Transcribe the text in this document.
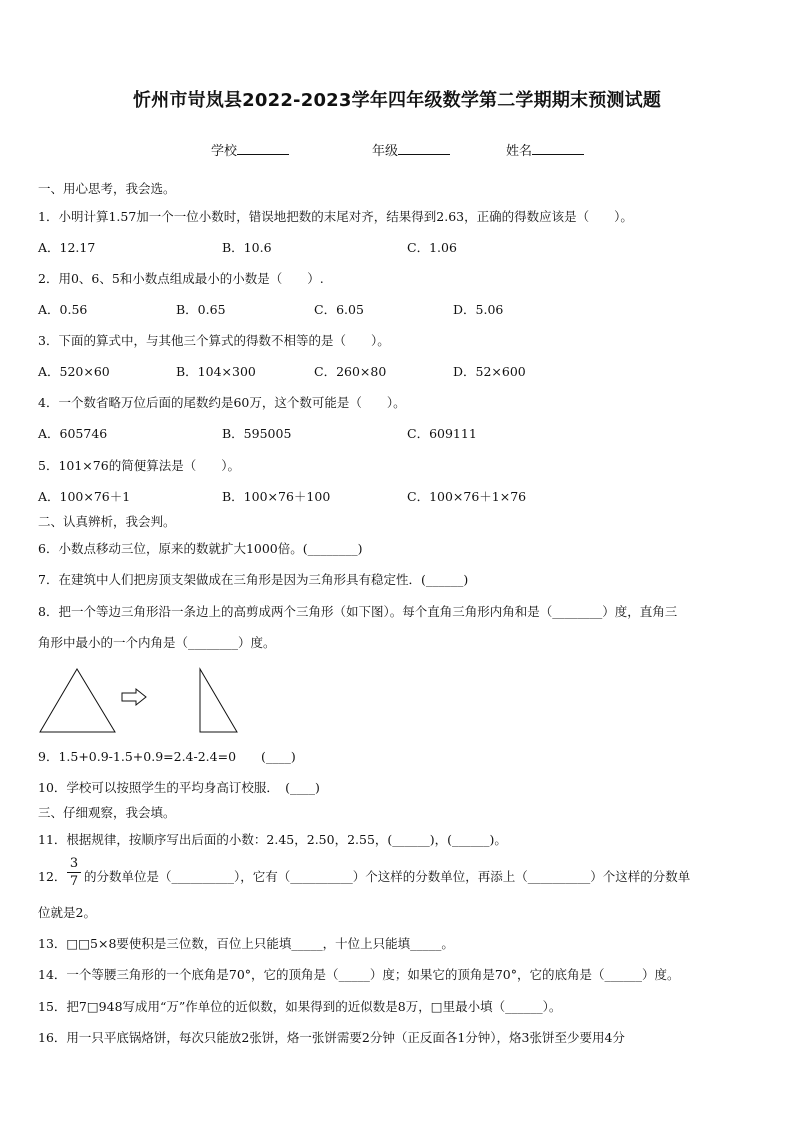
忻州市岢岚县2022-2023学年四年级数学第二学期期末预测试题
学校	年级	姓名
一、用心思考，我会选。
1．小明计算1.57加一个一位小数时，错误地把数的末尾对齐，结果得到2.63，正确的得数应该是（　　）。
A．12.17	B．10.6	C．1.06
2．用0、6、5和小数点组成最小的小数是（　　）.
A．0.56	B．0.65	C．6.05	D．5.06
3．下面的算式中，与其他三个算式的得数不相等的是（　　）。
A．520×60	B．104×300	C．260×80	D．52×600
4．一个数省略万位后面的尾数约是60万，这个数可能是（　　）。
A．605746	B．595005	C．609111
5．101×76的简便算法是（　　）。
A．100×76＋1	B．100×76＋100	C．100×76＋1×76
二、认真辨析，我会判。
6．小数点移动三位，原来的数就扩大1000倍。(________)
7．在建筑中人们把房顶支架做成在三角形是因为三角形具有稳定性．(______)
8．把一个等边三角形沿一条边上的高剪成两个三角形（如下图）。每个直角三角形内角和是（________）度，直角三
角形中最小的一个内角是（________）度。
9．1.5+0.9-1.5+0.9=2.4-2.4=0　　(____)
10．学校可以按照学生的平均身高订校服．　(____)
三、仔细观察，我会填。
11．根据规律，按顺序写出后面的小数：2.45，2.50，2.55，(______)，(______)。
12．
3
7 的分数单位是（__________），它有（__________）个这样的分数单位，再添上（__________）个这样的分数单
位就是2。
13．□□5×8要使积是三位数，百位上只能填_____，十位上只能填_____。
14．一个等腰三角形的一个底角是70°，它的顶角是（_____）度；如果它的顶角是70°，它的底角是（______）度。
15．把7□948写成用“万”作单位的近似数，如果得到的近似数是8万，□里最小填（______）。
16．用一只平底锅烙饼，每次只能放2张饼，烙一张饼需要2分钟（正反面各1分钟），烙3张饼至少要用4分
